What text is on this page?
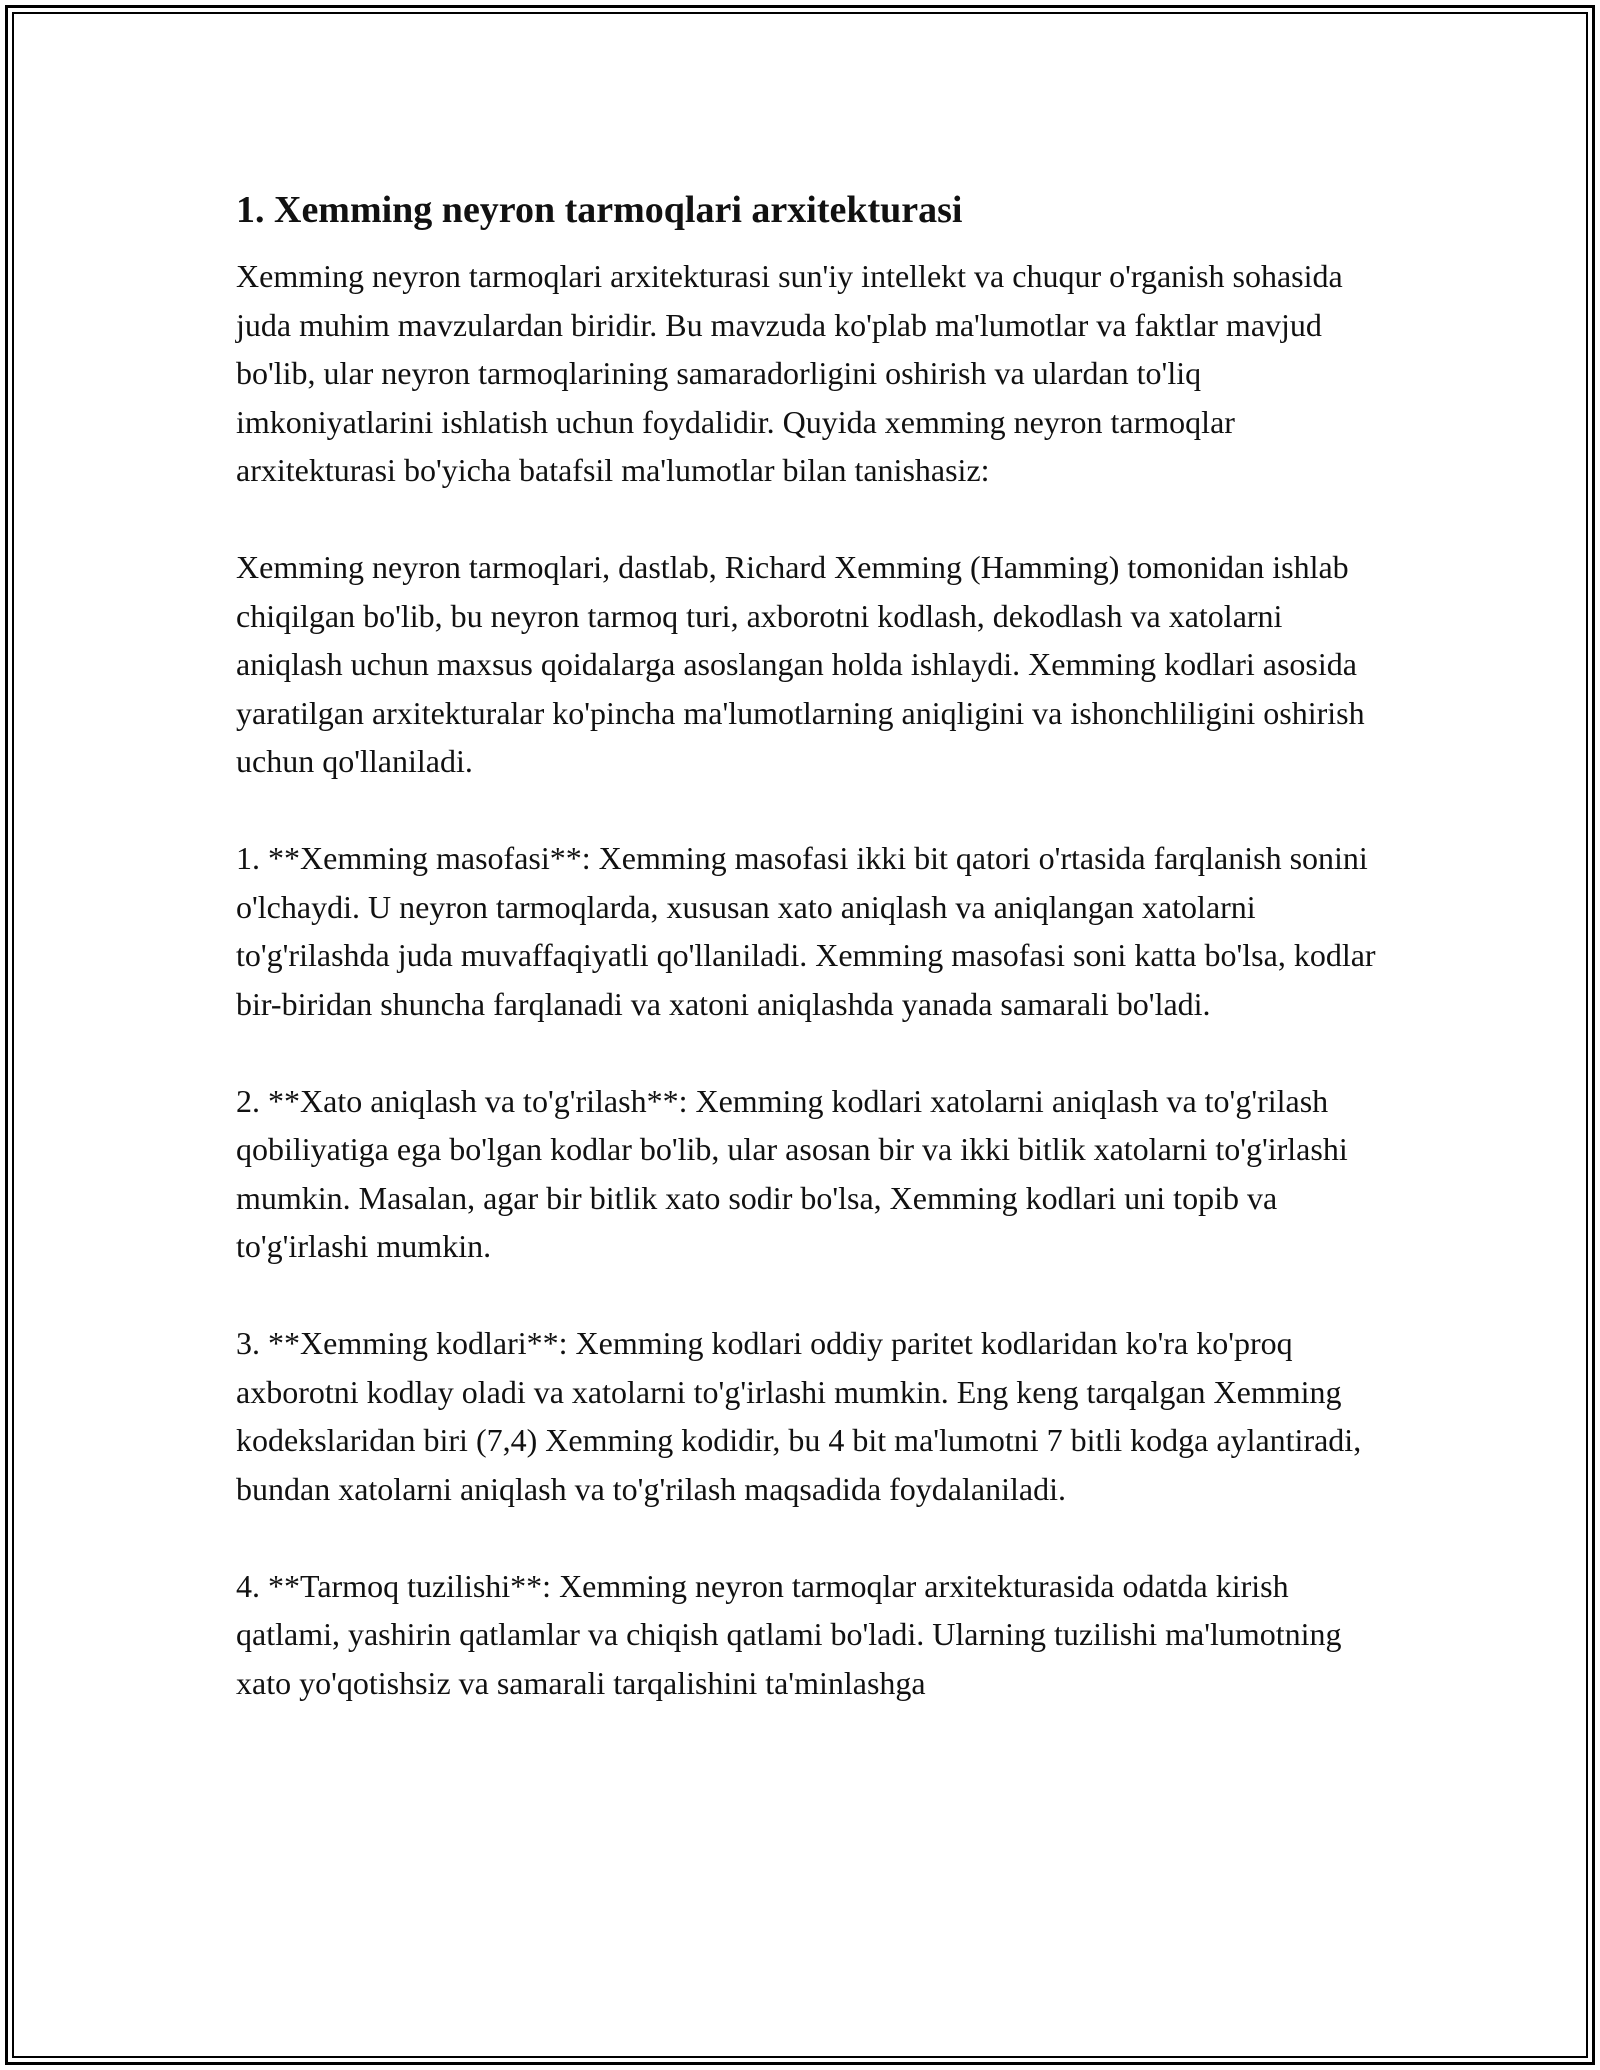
1. Xemming neyron tarmoqlari arxitekturasi

Xemming neyron tarmoqlari arxitekturasi sun'iy intellekt va chuqur o'rganish sohasida juda muhim mavzulardan biridir. Bu mavzuda ko'plab ma'lumotlar va faktlar mavjud bo'lib, ular neyron tarmoqlarining samaradorligini oshirish va ulardan to'liq imkoniyatlarini ishlatish uchun foydalidir. Quyida xemming neyron tarmoqlar arxitekturasi bo'yicha batafsil ma'lumotlar bilan tanishasiz:

Xemming neyron tarmoqlari, dastlab, Richard Xemming (Hamming) tomonidan ishlab chiqilgan bo'lib, bu neyron tarmoq turi, axborotni kodlash, dekodlash va xatolarni aniqlash uchun maxsus qoidalarga asoslangan holda ishlaydi. Xemming kodlari asosida yaratilgan arxitekturalar ko'pincha ma'lumotlarning aniqligini va ishonchliligini oshirish uchun qo'llaniladi.

1. **Xemming masofasi**: Xemming masofasi ikki bit qatori o'rtasida farqlanish sonini o'lchaydi. U neyron tarmoqlarda, xususan xato aniqlash va aniqlangan xatolarni to'g'rilashda juda muvaffaqiyatli qo'llaniladi. Xemming masofasi soni katta bo'lsa, kodlar bir-biridan shuncha farqlanadi va xatoni aniqlashda yanada samarali bo'ladi.

2. **Xato aniqlash va to'g'rilash**: Xemming kodlari xatolarni aniqlash va to'g'rilash qobiliyatiga ega bo'lgan kodlar bo'lib, ular asosan bir va ikki bitlik xatolarni to'g'irlashi mumkin. Masalan, agar bir bitlik xato sodir bo'lsa, Xemming kodlari uni topib va to'g'irlashi mumkin.

3. **Xemming kodlari**: Xemming kodlari oddiy paritet kodlaridan ko'ra ko'proq axborotni kodlay oladi va xatolarni to'g'irlashi mumkin. Eng keng tarqalgan Xemming kodekslaridan biri (7,4) Xemming kodidir, bu 4 bit ma'lumotni 7 bitli kodga aylantiradi, bundan xatolarni aniqlash va to'g'rilash maqsadida foydalaniladi.

4. **Tarmoq tuzilishi**: Xemming neyron tarmoqlar arxitekturasida odatda kirish qatlami, yashirin qatlamlar va chiqish qatlami bo'ladi. Ularning tuzilishi ma'lumotning xato yo'qotishsiz va samarali tarqalishini ta'minlashga
